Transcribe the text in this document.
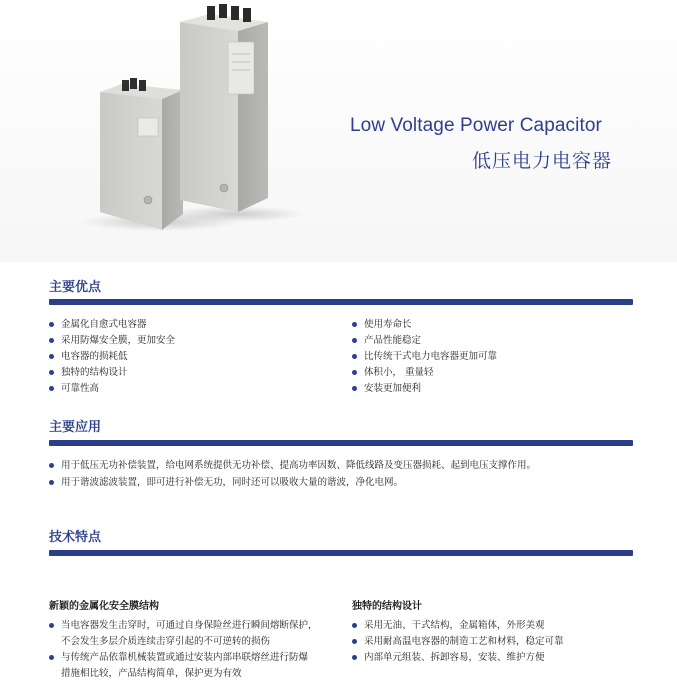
Low Voltage Power Capacitor
低压电力电容器
主要优点
金属化自愈式电容器
采用防爆安全膜，更加安全
电容器的损耗低
独特的结构设计
可靠性高
使用寿命长
产品性能稳定
比传统干式电力电容器更加可靠
体积小， 重量轻
安装更加便利
主要应用
用于低压无功补偿装置，给电网系统提供无功补偿、提高功率因数、降低线路及变压器损耗、起到电压支撑作用。
用于谐波滤波装置，即可进行补偿无功，同时还可以吸收大量的谐波，净化电网。
技术特点
新颖的金属化安全膜结构
当电容器发生击穿时，可通过自身保险丝进行瞬间熔断保护，
不会发生多层介质连续击穿引起的不可逆转的损伤
与传统产品依靠机械装置或通过安装内部串联熔丝进行防爆
措施相比较，产品结构简单，保护更为有效
独特的结构设计
采用无油、干式结构，金属箱体，外形美观
采用耐高温电容器的制造工艺和材料，稳定可靠
内部单元组装、拆卸容易，安装、维护方便
